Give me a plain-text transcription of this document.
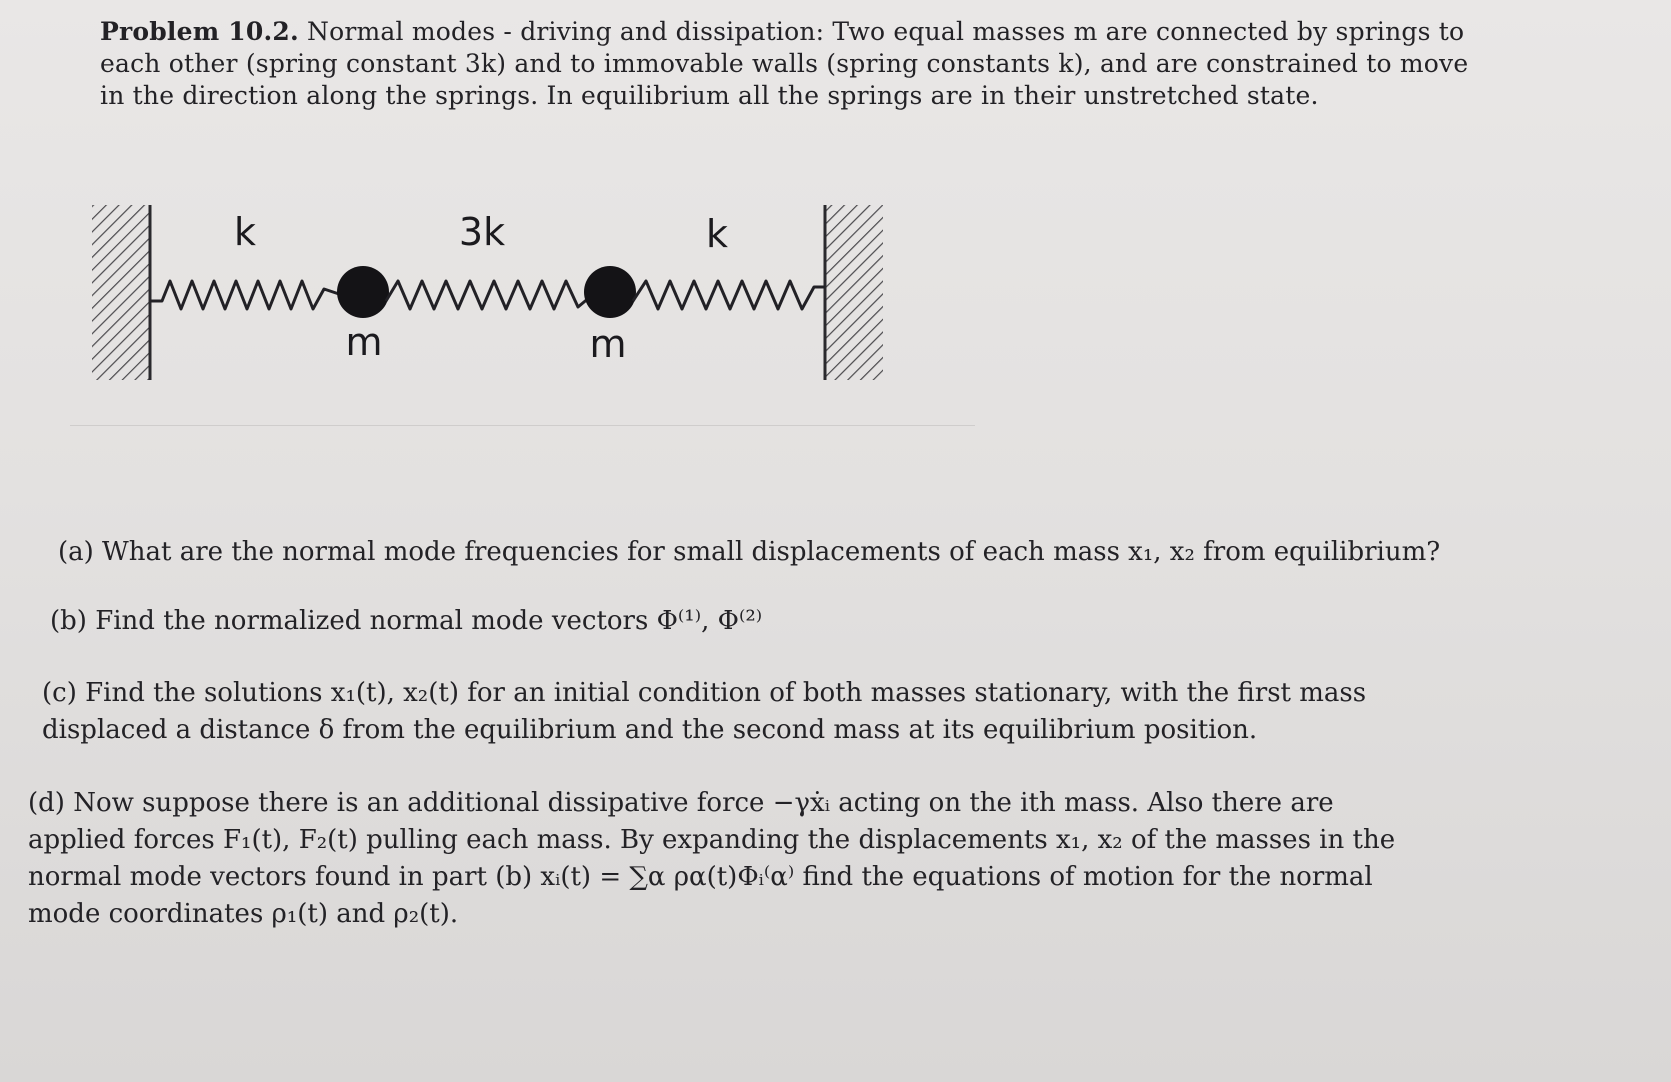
Problem 10.2. Normal modes - driving and dissipation: Two equal masses m are connected by springs to
each other (spring constant 3k) and to immovable walls (spring constants k), and are constrained to move
in the direction along the springs. In equilibrium all the springs are in their unstretched state.
k	3k	k
m	m
(a) What are the normal mode frequencies for small displacements of each mass x₁, x₂ from equilibrium?
(b) Find the normalized normal mode vectors Φ⁽¹⁾, Φ⁽²⁾
(c) Find the solutions x₁(t), x₂(t) for an initial condition of both masses stationary, with the first mass
displaced a distance δ from the equilibrium and the second mass at its equilibrium position.
(d) Now suppose there is an additional dissipative force −γẋᵢ acting on the ith mass. Also there are
applied forces F₁(t), F₂(t) pulling each mass. By expanding the displacements x₁, x₂ of the masses in the
normal mode vectors found in part (b) xᵢ(t) = ∑α ρα(t)Φᵢ⁽α⁾ find the equations of motion for the normal
mode coordinates ρ₁(t) and ρ₂(t).
